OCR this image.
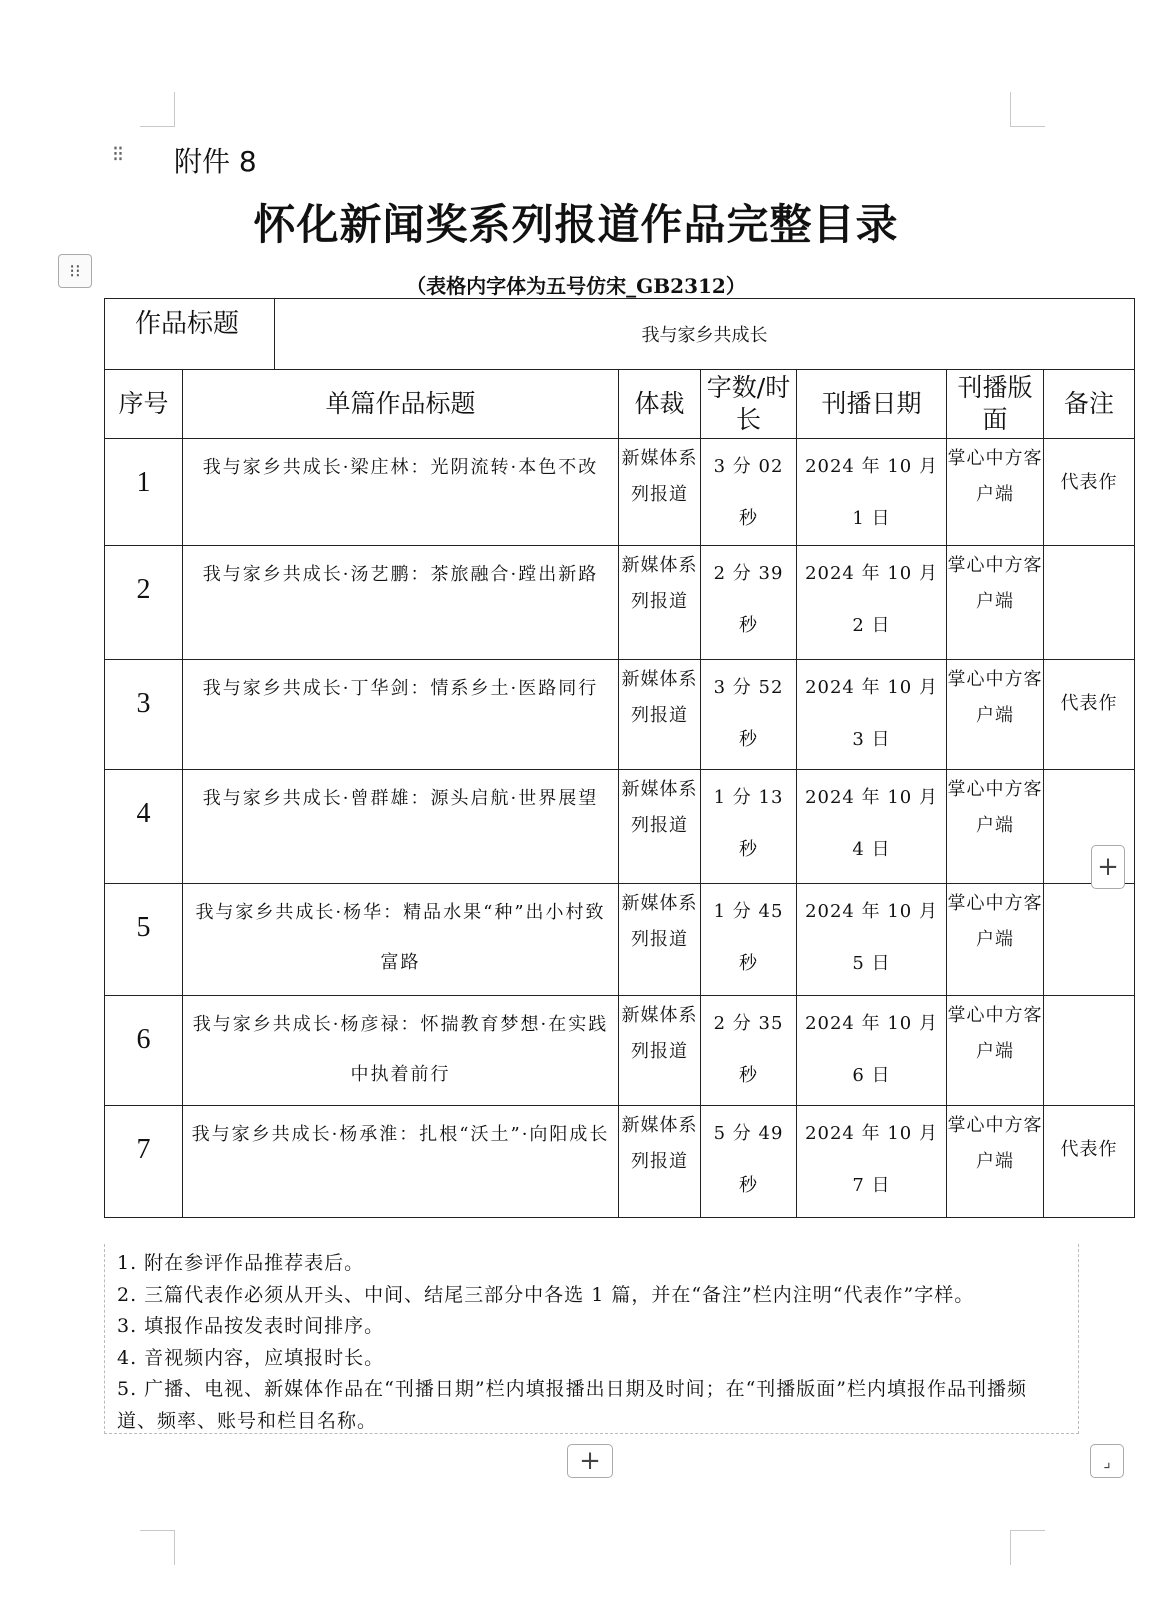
⁝⁝ 附件 8
怀化新闻奖系列报道作品完整目录
⁝⁝
（表格内字体为五号仿宋_GB2312）
作品标题		我与家乡共成长					
序号	单篇作品标题		体裁	字数/时长	刊播日期	刊播版面	备注
1	我与家乡共成长·梁庄林：光阴流转·本色不改		新媒体系列报道	3 分 02 秒	2024 年 10 月 1 日	掌心中方客户端	代表作
2	我与家乡共成长·汤艺鹏：茶旅融合·蹚出新路		新媒体系列报道	2 分 39 秒	2024 年 10 月 2 日	掌心中方客户端	
3	我与家乡共成长·丁华剑：情系乡土·医路同行		新媒体系列报道	3 分 52 秒	2024 年 10 月 3 日	掌心中方客户端	代表作
4	我与家乡共成长·曾群雄：源头启航·世界展望		新媒体系列报道	1 分 13 秒	2024 年 10 月 4 日	掌心中方客户端	
5	我与家乡共成长·杨华：精品水果“种”出小村致富路		新媒体系列报道	1 分 45 秒	2024 年 10 月 5 日	掌心中方客户端	
6	我与家乡共成长·杨彦禄：怀揣教育梦想·在实践中执着前行		新媒体系列报道	2 分 35 秒	2024 年 10 月 6 日	掌心中方客户端	
7	我与家乡共成长·杨承淮：扎根“沃土”·向阳成长		新媒体系列报道	5 分 49 秒	2024 年 10 月 7 日	掌心中方客户端	代表作
+
1. 附在参评作品推荐表后。
2. 三篇代表作必须从开头、中间、结尾三部分中各选 1 篇，并在“备注”栏内注明“代表作”字样。
3. 填报作品按发表时间排序。
4. 音视频内容，应填报时长。
5. 广播、电视、新媒体作品在“刊播日期”栏内填报播出日期及时间；在“刊播版面”栏内填报作品刊播频道、频率、账号和栏目名称。
+	⌟
